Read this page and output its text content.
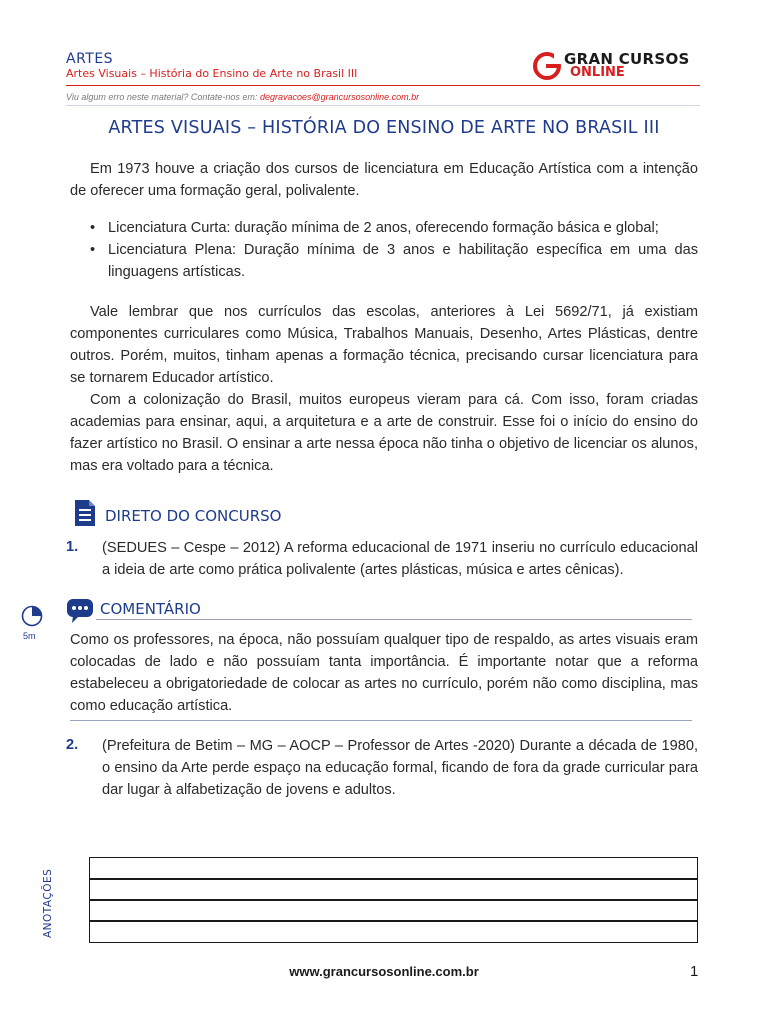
ARTES
Artes Visuais – História do Ensino de Arte no Brasil III
Viu algum erro neste material? Contate-nos em: degravacoes@grancursosonline.com.br
GRAN CURSOS
ONLINE
ARTES VISUAIS – HISTÓRIA DO ENSINO DE ARTE NO BRASIL III
Em 1973 houve a criação dos cursos de licenciatura em Educação Artística com a intenção de oferecer uma formação geral, polivalente.
• Licenciatura Curta: duração mínima de 2 anos, oferecendo formação básica e global;
• Licenciatura Plena: Duração mínima de 3 anos e habilitação específica em uma das linguagens artísticas.
Vale lembrar que nos currículos das escolas, anteriores à Lei 5692/71, já existiam componentes curriculares como Música, Trabalhos Manuais, Desenho, Artes Plásticas, dentre outros. Porém, muitos, tinham apenas a formação técnica, precisando cursar licenciatura para se tornarem Educador artístico.
Com a colonização do Brasil, muitos europeus vieram para cá. Com isso, foram criadas academias para ensinar, aqui, a arquitetura e a arte de construir. Esse foi o início do ensino do fazer artístico no Brasil. O ensinar a arte nessa época não tinha o objetivo de licenciar os alunos, mas era voltado para a técnica.
DIRETO DO CONCURSO
1. (SEDUES – Cespe – 2012) A reforma educacional de 1971 inseriu no currículo educacional a ideia de arte como prática polivalente (artes plásticas, música e artes cênicas).
5m
COMENTÁRIO
Como os professores, na época, não possuíam qualquer tipo de respaldo, as artes visuais eram colocadas de lado e não possuíam tanta importância. É importante notar que a reforma estabeleceu a obrigatoriedade de colocar as artes no currículo, porém não como disciplina, mas como educação artística.
2. (Prefeitura de Betim – MG – AOCP – Professor de Artes -2020) Durante a década de 1980, o ensino da Arte perde espaço na educação formal, ficando de fora da grade curricular para dar lugar à alfabetização de jovens e adultos.
ANOTAÇÕES
www.grancursosonline.com.br	1
